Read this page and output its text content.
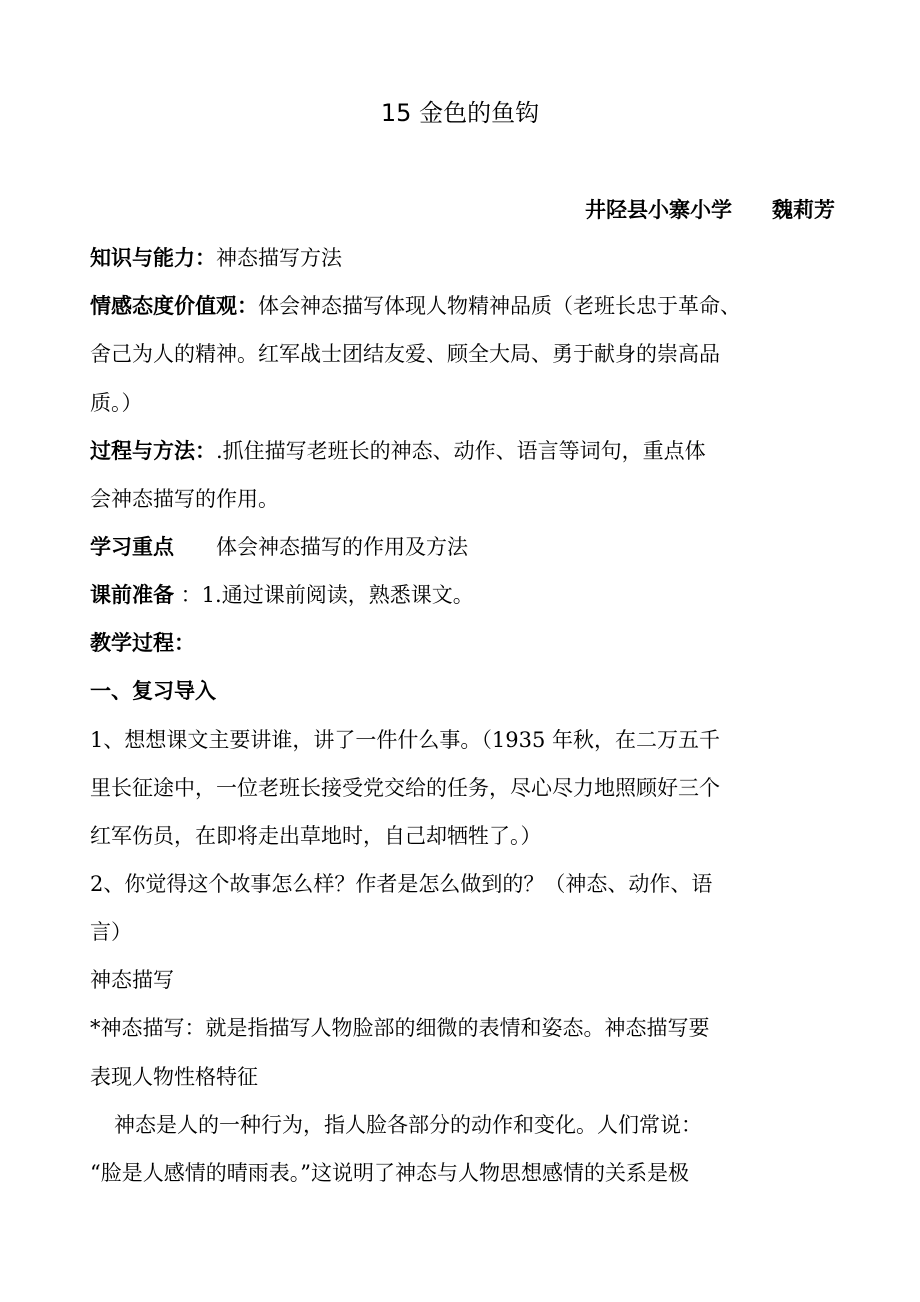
15 金色的鱼钩
井陉县小寨小学 魏莉芳
知识与能力：神态描写方法
情感态度价值观：体会神态描写体现人物精神品质（老班长忠于革命、
舍己为人的精神。红军战士团结友爱、顾全大局、勇于献身的崇高品
质。）
过程与方法：.抓住描写老班长的神态、动作、语言等词句，重点体
会神态描写的作用。
学习重点　　体会神态描写的作用及方法
课前准备 ：1.通过课前阅读，熟悉课文。
教学过程：
一、复习导入
1、想想课文主要讲谁，讲了一件什么事。（1935 年秋，在二万五千
里长征途中，一位老班长接受党交给的任务，尽心尽力地照顾好三个
红军伤员，在即将走出草地时，自己却牺牲了。）
2、你觉得这个故事怎么样？作者是怎么做到的？（神态、动作、语
言）
神态描写
*神态描写：就是指描写人物脸部的细微的表情和姿态。神态描写要
表现人物性格特征
神态是人的一种行为，指人脸各部分的动作和变化。人们常说：
“脸是人感情的晴雨表。”这说明了神态与人物思想感情的关系是极
